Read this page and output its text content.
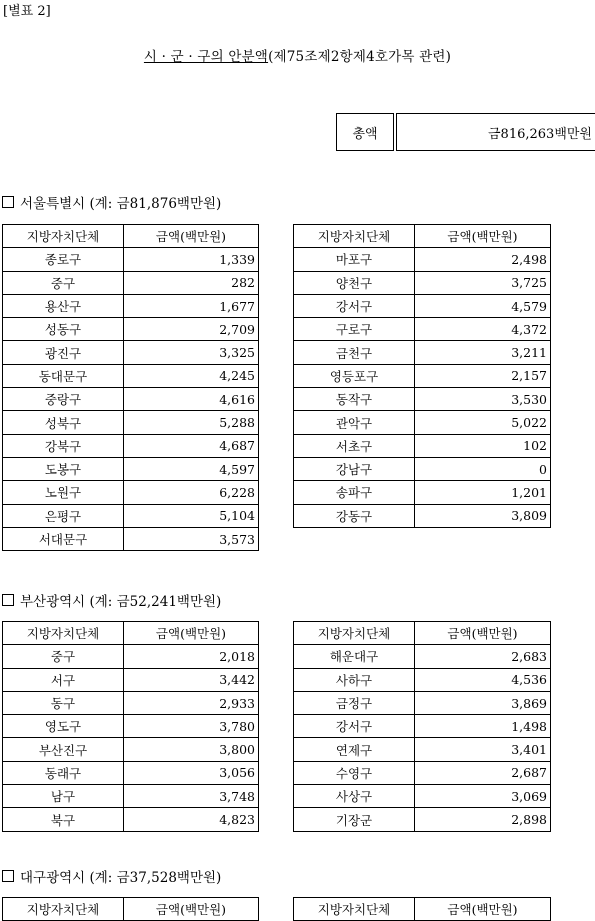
[별표 2]
시 · 군 · 구의 안분액(제75조제2항제4호가목 관련)
총액	금816,263백만원
서울특별시 (계: 금81,876백만원)
지방자치단체	금액(백만원)
종로구	1,339
중구	282
용산구	1,677
성동구	2,709
광진구	3,325
동대문구	4,245
중랑구	4,616
성북구	5,288
강북구	4,687
도봉구	4,597
노원구	6,228
은평구	5,104
서대문구	3,573
지방자치단체	금액(백만원)
마포구	2,498
양천구	3,725
강서구	4,579
구로구	4,372
금천구	3,211
영등포구	2,157
동작구	3,530
관악구	5,022
서초구	102
강남구	0
송파구	1,201
강동구	3,809
부산광역시 (계: 금52,241백만원)
지방자치단체	금액(백만원)
중구	2,018
서구	3,442
동구	2,933
영도구	3,780
부산진구	3,800
동래구	3,056
남구	3,748
북구	4,823
지방자치단체	금액(백만원)
해운대구	2,683
사하구	4,536
금정구	3,869
강서구	1,498
연제구	3,401
수영구	2,687
사상구	3,069
기장군	2,898
대구광역시 (계: 금37,528백만원)
지방자치단체	금액(백만원)	지방자치단체	금액(백만원)
